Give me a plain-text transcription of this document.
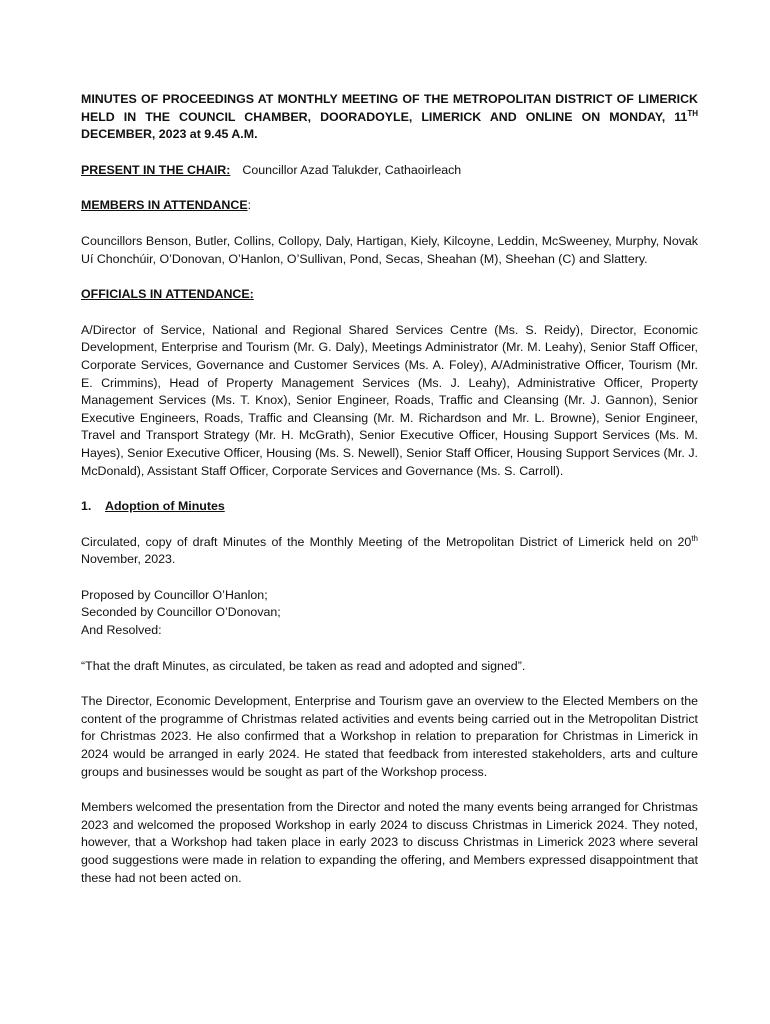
MINUTES OF PROCEEDINGS AT MONTHLY MEETING OF THE METROPOLITAN DISTRICT OF LIMERICK HELD IN THE COUNCIL CHAMBER, DOORADOYLE, LIMERICK AND ONLINE ON MONDAY, 11TH DECEMBER, 2023 at 9.45 A.M.

PRESENT IN THE CHAIR: Councillor Azad Talukder, Cathaoirleach

MEMBERS IN ATTENDANCE:

Councillors Benson, Butler, Collins, Collopy, Daly, Hartigan, Kiely, Kilcoyne, Leddin, McSweeney, Murphy, Novak Uí Chonchúir, O’Donovan, O’Hanlon, O’Sullivan, Pond, Secas, Sheahan (M), Sheehan (C) and Slattery.

OFFICIALS IN ATTENDANCE:

A/Director of Service, National and Regional Shared Services Centre (Ms. S. Reidy), Director, Economic Development, Enterprise and Tourism (Mr. G. Daly), Meetings Administrator (Mr. M. Leahy), Senior Staff Officer, Corporate Services, Governance and Customer Services (Ms. A. Foley), A/Administrative Officer, Tourism (Mr. E. Crimmins), Head of Property Management Services (Ms. J. Leahy), Administrative Officer, Property Management Services (Ms. T. Knox), Senior Engineer, Roads, Traffic and Cleansing (Mr. J. Gannon), Senior Executive Engineers, Roads, Traffic and Cleansing (Mr. M. Richardson and Mr. L. Browne), Senior Engineer, Travel and Transport Strategy (Mr. H. McGrath), Senior Executive Officer, Housing Support Services (Ms. M. Hayes), Senior Executive Officer, Housing (Ms. S. Newell), Senior Staff Officer, Housing Support Services (Mr. J. McDonald), Assistant Staff Officer, Corporate Services and Governance (Ms. S. Carroll).

1. Adoption of Minutes

Circulated, copy of draft Minutes of the Monthly Meeting of the Metropolitan District of Limerick held on 20th November, 2023.

Proposed by Councillor O’Hanlon;

Seconded by Councillor O’Donovan;

And Resolved:

“That the draft Minutes, as circulated, be taken as read and adopted and signed”.

The Director, Economic Development, Enterprise and Tourism gave an overview to the Elected Members on the content of the programme of Christmas related activities and events being carried out in the Metropolitan District for Christmas 2023. He also confirmed that a Workshop in relation to preparation for Christmas in Limerick in 2024 would be arranged in early 2024. He stated that feedback from interested stakeholders, arts and culture groups and businesses would be sought as part of the Workshop process.

Members welcomed the presentation from the Director and noted the many events being arranged for Christmas 2023 and welcomed the proposed Workshop in early 2024 to discuss Christmas in Limerick 2024. They noted, however, that a Workshop had taken place in early 2023 to discuss Christmas in Limerick 2023 where several good suggestions were made in relation to expanding the offering, and Members expressed disappointment that these had not been acted on.
